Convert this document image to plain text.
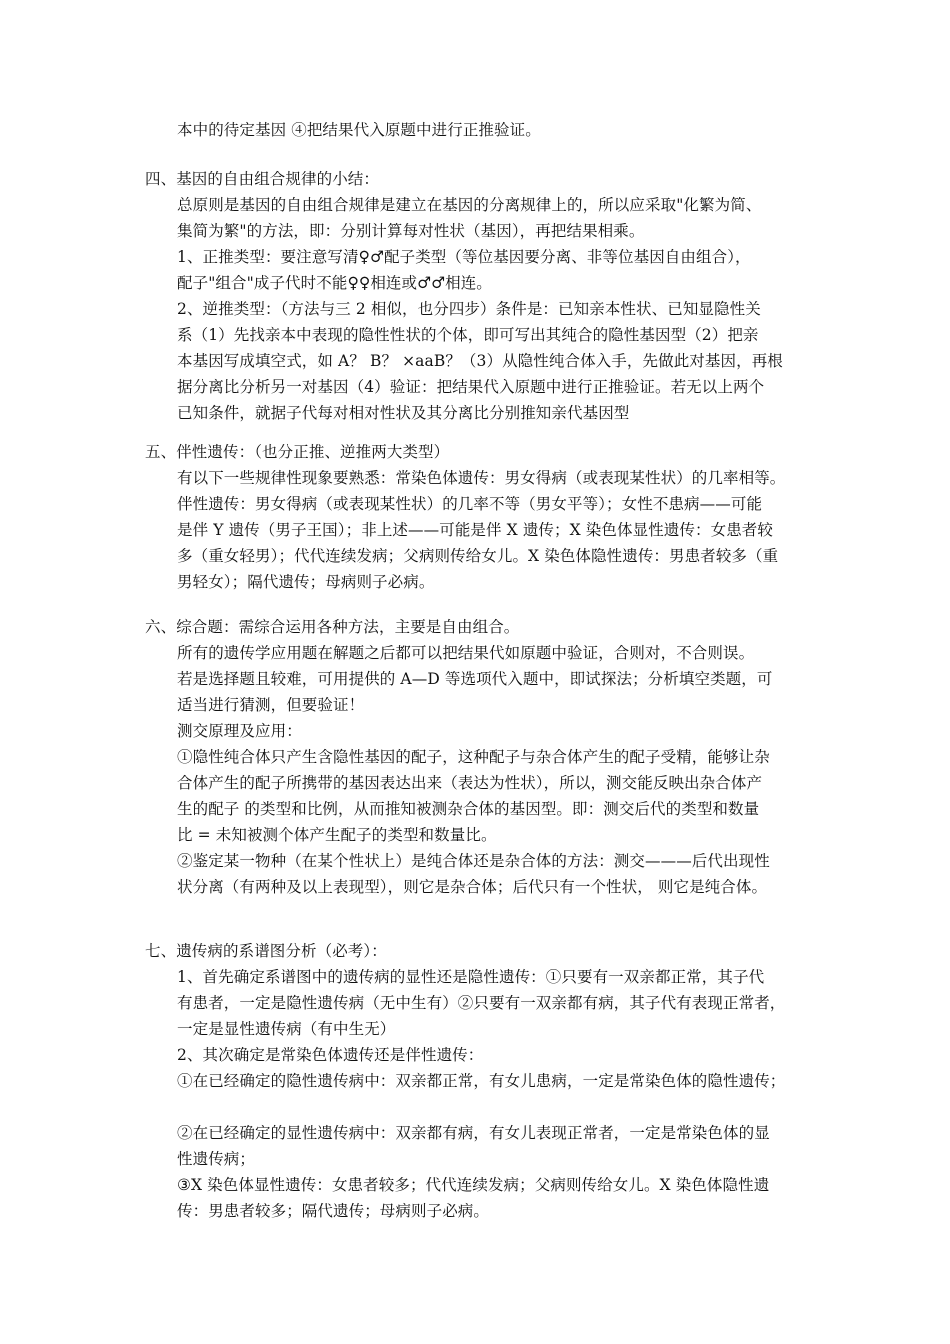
本中的待定基因 ④把结果代入原题中进行正推验证。
四、基因的自由组合规律的小结：
总原则是基因的自由组合规律是建立在基因的分离规律上的，所以应采取"化繁为简、
集简为繁"的方法，即：分别计算每对性状（基因），再把结果相乘。
1、正推类型：要注意写清♀♂配子类型（等位基因要分离、非等位基因自由组合），
配子"组合"成子代时不能♀♀相连或♂♂相连。
2、逆推类型：（方法与三 2 相似，也分四步）条件是：已知亲本性状、已知显隐性关
系（1）先找亲本中表现的隐性性状的个体，即可写出其纯合的隐性基因型（2）把亲
本基因写成填空式，如 A？ B？ ×aaB？（3）从隐性纯合体入手，先做此对基因，再根
据分离比分析另一对基因（4）验证：把结果代入原题中进行正推验证。若无以上两个
已知条件，就据子代每对相对性状及其分离比分别推知亲代基因型
五、伴性遗传：（也分正推、逆推两大类型）
有以下一些规律性现象要熟悉：常染色体遗传：男女得病（或表现某性状）的几率相等。
伴性遗传：男女得病（或表现某性状）的几率不等（男女平等）；女性不患病——可能
是伴 Y 遗传（男子王国）；非上述——可能是伴 X 遗传；X 染色体显性遗传：女患者较
多（重女轻男）；代代连续发病；父病则传给女儿。X 染色体隐性遗传：男患者较多（重
男轻女）；隔代遗传；母病则子必病。
六、综合题：需综合运用各种方法，主要是自由组合。
所有的遗传学应用题在解题之后都可以把结果代如原题中验证，合则对，不合则误。
若是选择题且较难，可用提供的 A—D 等选项代入题中，即试探法；分析填空类题，可
适当进行猜测，但要验证！
测交原理及应用：
①隐性纯合体只产生含隐性基因的配子，这种配子与杂合体产生的配子受精，能够让杂
合体产生的配子所携带的基因表达出来（表达为性状），所以，测交能反映出杂合体产
生的配子 的类型和比例，从而推知被测杂合体的基因型。即：测交后代的类型和数量
比 = 未知被测个体产生配子的类型和数量比。
②鉴定某一物种（在某个性状上）是纯合体还是杂合体的方法：测交———后代出现性
状分离（有两种及以上表现型），则它是杂合体；后代只有一个性状， 则它是纯合体。
七、遗传病的系谱图分析（必考）：
1、首先确定系谱图中的遗传病的显性还是隐性遗传：①只要有一双亲都正常，其子代
有患者，一定是隐性遗传病（无中生有）②只要有一双亲都有病，其子代有表现正常者，
一定是显性遗传病（有中生无）
2、其次确定是常染色体遗传还是伴性遗传：
①在已经确定的隐性遗传病中：双亲都正常，有女儿患病，一定是常染色体的隐性遗传；
②在已经确定的显性遗传病中：双亲都有病，有女儿表现正常者，一定是常染色体的显
性遗传病；
③X 染色体显性遗传：女患者较多；代代连续发病；父病则传给女儿。X 染色体隐性遗
传：男患者较多；隔代遗传；母病则子必病。
